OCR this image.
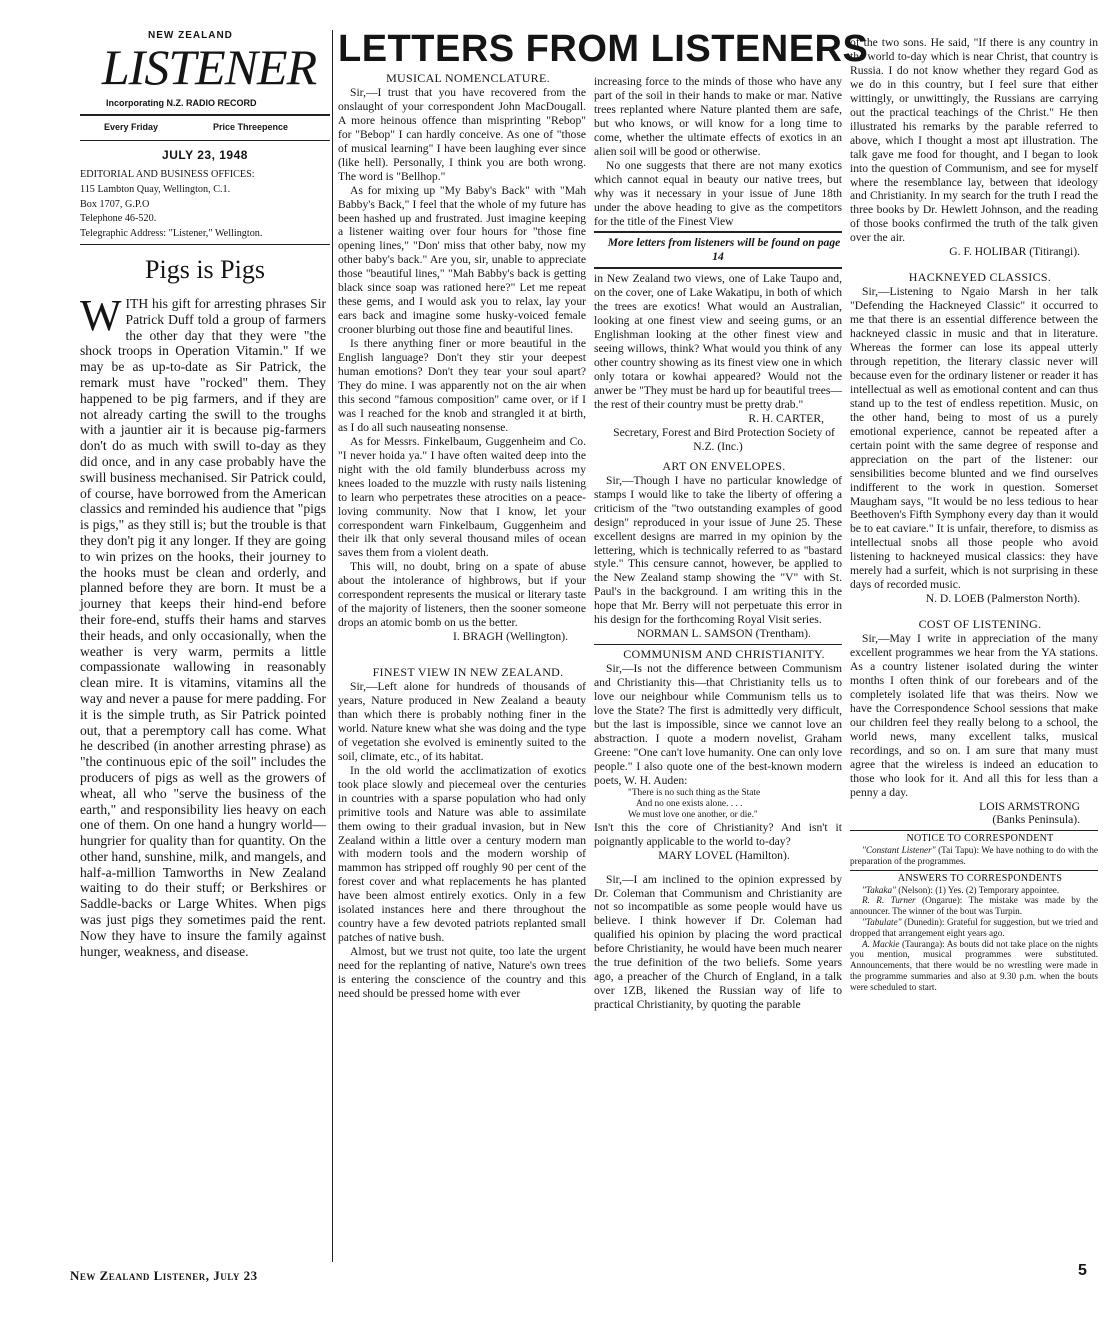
NEW ZEALAND
LISTENER
Incorporating N.Z. RADIO RECORD
Every Friday	Price Threepence
JULY 23, 1948
EDITORIAL AND BUSINESS OFFICES:
115 Lambton Quay, Wellington, C.1.
Box 1707, G.P.O
Telephone 46-520.
Telegraphic Address: "Listener," Wellington.
Pigs is Pigs
WITH his gift for arresting phrases Sir Patrick Duff told a group of farmers the other day that they were "the shock troops in Operation Vitamin." If we may be as up-to-date as Sir Patrick, the remark must have "rocked" them. They happened to be pig farmers, and if they are not already carting the swill to the troughs with a jauntier air it is because pig-farmers don't do as much with swill to-day as they did once, and in any case probably have the swill business mechanised. Sir Patrick could, of course, have borrowed from the American classics and reminded his audience that "pigs is pigs," as they still is; but the trouble is that they don't pig it any longer. If they are going to win prizes on the hooks, their journey to the hooks must be clean and orderly, and planned before they are born. It must be a journey that keeps their hind-end before their fore-end, stuffs their hams and starves their heads, and only occasionally, when the weather is very warm, permits a little compassionate wallowing in reasonably clean mire. It is vitamins, vitamins all the way and never a pause for mere padding. For it is the simple truth, as Sir Patrick pointed out, that a peremptory call has come. What he described (in another arresting phrase) as "the continuous epic of the soil" includes the producers of pigs as well as the growers of wheat, all who "serve the business of the earth," and responsibility lies heavy on each one of them. On one hand a hungry world—hungrier for quality than for quantity. On the other hand, sunshine, milk, and mangels, and half-a-million Tamworths in New Zealand waiting to do their stuff; or Berkshires or Saddle-backs or Large Whites. When pigs was just pigs they sometimes paid the rent. Now they have to insure the family against hunger, weakness, and disease.
New Zealand Listener, July 23	5
LETTERS FROM LISTENERS

MUSICAL NOMENCLATURE.

Sir,—I trust that you have recovered from the onslaught of your correspondent John MacDougall. A more heinous offence than misprinting "Rebop" for "Bebop" I can hardly conceive. As one of "those of musical learning" I have been laughing ever since (like hell). Personally, I think you are both wrong. The word is "Bellhop."

As for mixing up "My Baby's Back" with "Mah Babby's Back," I feel that the whole of my future has been hashed up and frustrated. Just imagine keeping a listener waiting over four hours for "those fine opening lines," "Don' miss that other baby, now my other baby's back." Are you, sir, unable to appreciate those "beautiful lines," "Mah Babby's back is getting black since soap was rationed here?" Let me repeat these gems, and I would ask you to relax, lay your ears back and imagine some husky-voiced female crooner blurbing out those fine and beautiful lines.

Is there anything finer or more beautiful in the English language? Don't they stir your deepest human emotions? Don't they tear your soul apart? They do mine. I was apparently not on the air when this second "famous composition" came over, or if I was I reached for the knob and strangled it at birth, as I do all such nauseating nonsense.

As for Messrs. Finkelbaum, Guggenheim and Co. "I never hoida ya." I have often waited deep into the night with the old family blunderbuss across my knees loaded to the muzzle with rusty nails listening to learn who perpetrates these atrocities on a peace-loving community. Now that I know, let your correspondent warn Finkelbaum, Guggenheim and their ilk that only several thousand miles of ocean saves them from a violent death.

This will, no doubt, bring on a spate of abuse about the intolerance of highbrows, but if your correspondent represents the musical or literary taste of the majority of listeners, then the sooner someone drops an atomic bomb on us the better.

I. BRAGH (Wellington).

FINEST VIEW IN NEW ZEALAND.

Sir,—Left alone for hundreds of thousands of years, Nature produced in New Zealand a beauty than which there is probably nothing finer in the world. Nature knew what she was doing and the type of vegetation she evolved is eminently suited to the soil, climate, etc., of its habitat.

In the old world the acclimatization of exotics took place slowly and piecemeal over the centuries in countries with a sparse population who had only primitive tools and Nature was able to assimilate them owing to their gradual invasion, but in New Zealand within a little over a century modern man with modern tools and the modern worship of mammon has stripped off roughly 90 per cent of the forest cover and what replacements he has planted have been almost entirely exotics. Only in a few isolated instances here and there throughout the country have a few devoted patriots replanted small patches of native bush.

Almost, but we trust not quite, too late the urgent need for the replanting of native, Nature's own trees is entering the conscience of the country and this need should be pressed home with ever

increasing force to the minds of those who have any part of the soil in their hands to make or mar. Native trees replanted where Nature planted them are safe, but who knows, or will know for a long time to come, whether the ultimate effects of exotics in an alien soil will be good or otherwise.

No one suggests that there are not many exotics which cannot equal in beauty our native trees, but why was it necessary in your issue of June 18th under the above heading to give as the competitors for the title of the Finest View

More letters from listeners will be found on page 14

in New Zealand two views, one of Lake Taupo and, on the cover, one of Lake Wakatipu, in both of which the trees are exotics! What would an Australian, looking at one finest view and seeing gums, or an Englishman looking at the other finest view and seeing willows, think? What would you think of any other country showing as its finest view one in which only totara or kowhai appeared? Would not the anwer be "They must be hard up for beautiful trees—the rest of their country must be pretty drab."

R. H. CARTER,

Secretary, Forest and Bird Protection Society of N.Z. (Inc.)

ART ON ENVELOPES.

Sir,—Though I have no particular knowledge of stamps I would like to take the liberty of offering a criticism of the "two outstanding examples of good design" reproduced in your issue of June 25. These excellent designs are marred in my opinion by the lettering, which is technically referred to as "bastard style." This censure cannot, however, be applied to the New Zealand stamp showing the "V" with St. Paul's in the background. I am writing this in the hope that Mr. Berry will not perpetuate this error in his design for the forthcoming Royal Visit series.

NORMAN L. SAMSON (Trentham).

COMMUNISM AND CHRISTIANITY.

Sir,—Is not the difference between Communism and Christianity this—that Christianity tells us to love our neighbour while Communism tells us to love the State? The first is admittedly very difficult, but the last is impossible, since we cannot love an abstraction. I quote a modern novelist, Graham Greene: "One can't love humanity. One can only love people." I also quote one of the best-known modern poets, W. H. Auden:

"There is no such thing as the State

And no one exists alone. . . .

We must love one another, or die."

Isn't this the core of Christianity? And isn't it poignantly applicable to the world to-day?

MARY LOVEL (Hamilton).

Sir,—I am inclined to the opinion expressed by Dr. Coleman that Communism and Christianity are not so incompatible as some people would have us believe. I think however if Dr. Coleman had qualified his opinion by placing the word practical before Christianity, he would have been much nearer the true definition of the two beliefs. Some years ago, a preacher of the Church of England, in a talk over 1ZB, likened the Russian way of life to practical Christianity, by quoting the parable

of the two sons. He said, "If there is any country in the world to-day which is near Christ, that country is Russia. I do not know whether they regard God as we do in this country, but I feel sure that either wittingly, or unwittingly, the Russians are carrying out the practical teachings of the Christ." He then illustrated his remarks by the parable referred to above, which I thought a most apt illustration. The talk gave me food for thought, and I began to look into the question of Communism, and see for myself where the resemblance lay, between that ideology and Christianity. In my search for the truth I read the three books by Dr. Hewlett Johnson, and the reading of those books confirmed the truth of the talk given over the air.

G. F. HOLIBAR (Titirangi).

HACKNEYED CLASSICS.

Sir,—Listening to Ngaio Marsh in her talk "Defending the Hackneyed Classic" it occurred to me that there is an essential difference between the hackneyed classic in music and that in literature. Whereas the former can lose its appeal utterly through repetition, the literary classic never will because even for the ordinary listener or reader it has intellectual as well as emotional content and can thus stand up to the test of endless repetition. Music, on the other hand, being to most of us a purely emotional experience, cannot be repeated after a certain point with the same degree of response and appreciation on the part of the listener: our sensibilities become blunted and we find ourselves indifferent to the work in question. Somerset Maugham says, "It would be no less tedious to hear Beethoven's Fifth Symphony every day than it would be to eat caviare." It is unfair, therefore, to dismiss as intellectual snobs all those people who avoid listening to hackneyed musical classics: they have merely had a surfeit, which is not surprising in these days of recorded music.

N. D. LOEB (Palmerston North).

COST OF LISTENING.

Sir,—May I write in appreciation of the many excellent programmes we hear from the YA stations. As a country listener isolated during the winter months I often think of our forebears and of the completely isolated life that was theirs. Now we have the Correspondence School sessions that make our children feel they really belong to a school, the world news, many excellent talks, musical recordings, and so on. I am sure that many must agree that the wireless is indeed an education to those who look for it. And all this for less than a penny a day.

LOIS ARMSTRONG

(Banks Peninsula).

NOTICE TO CORRESPONDENT

"Constant Listener" (Tai Tapu): We have nothing to do with the preparation of the programmes.

ANSWERS TO CORRESPONDENTS

"Takaka" (Nelson): (1) Yes. (2) Temporary appointee.

R. R. Turner (Ongarue): The mistake was made by the announcer. The winner of the bout was Turpin.

"Tabulate" (Dunedin): Grateful for suggestion, but we tried and dropped that arrangement eight years ago.

A. Mackie (Tauranga): As bouts did not take place on the nights you mention, musical programmes were substituted. Announcements, that there would be no wrestling were made in the programme summaries and also at 9.30 p.m. when the bouts were scheduled to start.
